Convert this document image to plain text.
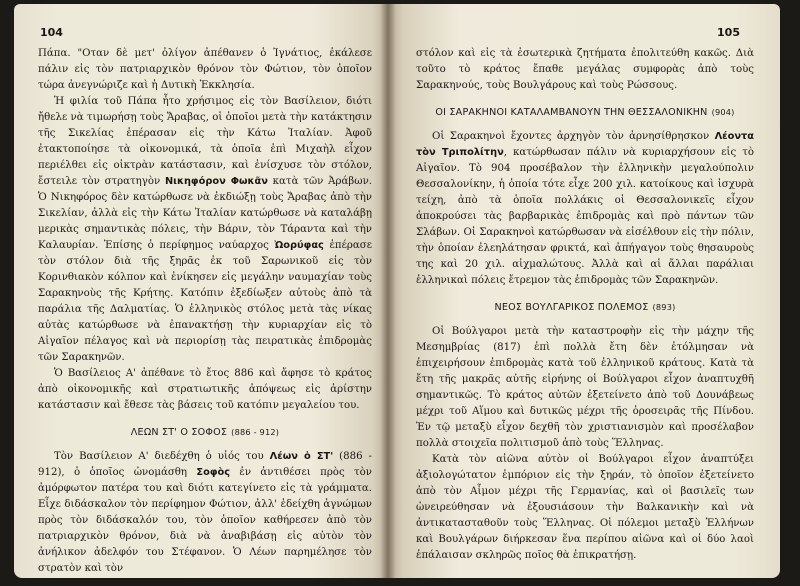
104

Πάπα. "Οταν δὲ μετ' ὀλίγον ἀπέθανεν ὁ Ἰγνάτιος, ἐκάλεσε πάλιν εἰς τὸν πατριαρχικὸν θρόνον τὸν Φώτιον, τὸν ὁποῖον τώρα ἀνεγνώριζε καὶ ἡ Δυτικὴ Ἐκκλησία.

Ἡ φιλία τοῦ Πάπα ἦτο χρήσιμος εἰς τὸν Βασίλειον, διότι ἤθελε νὰ τιμωρήσῃ τοὺς Ἄραβας, οἱ ὁποῖοι μετὰ τὴν κατάκτησιν τῆς Σικελίας ἐπέρασαν εἰς τὴν Κάτω Ἰταλίαν. Ἀφοῦ ἐτακτοποίησε τὰ οἰκονομικά, τὰ ὁποῖα ἐπὶ Μιχαὴλ εἶχον περιέλθει εἰς οἰκτρὰν κατάστασιν, καὶ ἐνίσχυσε τὸν στόλον, ἔστειλε τὸν στρατηγὸν Νικηφόρον Φωκᾶν κατὰ τῶν Ἀράβων. Ὁ Νικηφόρος δὲν κατώρθωσε νὰ ἐκδιώξῃ τοὺς Ἄραβας ἀπὸ τὴν Σικελίαν, ἀλλὰ εἰς τὴν Κάτω Ἰταλίαν κατώρθωσε νὰ καταλάβῃ μερικὰς σημαντικὰς πόλεις, τὴν Βάριν, τὸν Τάραντα καὶ τὴν Καλαυρίαν. Ἐπίσης ὁ περίφημος ναύαρχος Ὠορύφας ἐπέρασε τὸν στόλον διὰ τῆς ξηρᾶς ἐκ τοῦ Σαρωνικοῦ εἰς τὸν Κορινθιακὸν κόλπον καὶ ἐνίκησεν εἰς μεγάλην ναυμαχίαν τοὺς Σαρακηνοὺς τῆς Κρήτης. Κατόπιν ἐξεδίωξεν αὐτοὺς ἀπὸ τὰ παράλια τῆς Δαλματίας. Ὁ ἑλληνικὸς στόλος μετὰ τὰς νίκας αὐτὰς κατώρθωσε νὰ ἐπανακτήσῃ τὴν κυριαρχίαν εἰς τὸ Αἰγαῖον πέλαγος καὶ νὰ περιορίσῃ τὰς πειρατικὰς ἐπιδρομὰς τῶν Σαρακηνῶν.

Ὁ Βασίλειος Α' ἀπέθανε τὸ ἔτος 886 καὶ ἄφησε τὸ κράτος ἀπὸ οἰκονομικῆς καὶ στρατιωτικῆς ἀπόψεως εἰς ἀρίστην κατάστασιν καὶ ἔθεσε τὰς βάσεις τοῦ κατόπιν μεγαλείου του.

ΛΕΩΝ ΣΤ' Ο ΣΟΦΟΣ (886 - 912)

Τὸν Βασίλειον Α' διεδέχθη ὁ υἱός του Λέων ὁ ΣΤ' (886 - 912), ὁ ὁποῖος ὠνομάσθη Σοφὸς ἐν ἀντιθέσει πρὸς τὸν ἀμόρφωτον πατέρα του καὶ διότι κατεγίνετο εἰς τὰ γράμματα. Εἶχε διδάσκαλον τὸν περίφημον Φώτιον, ἀλλ' ἐδείχθη ἀγνώμων πρὸς τὸν διδάσκαλόν του, τὸν ὁποῖον καθήρεσεν ἀπὸ τὸν πατριαρχικὸν θρόνον, διὰ νὰ ἀναβιβάσῃ εἰς αὐτὸν τὸν ἀνήλικον ἀδελφόν του Στέφανον. Ὁ Λέων παρημέλησε τὸν στρατὸν καὶ τὸν

105

στόλον καὶ εἰς τὰ ἐσωτερικὰ ζητήματα ἐπολιτεύθη κακῶς. Διὰ τοῦτο τὸ κράτος ἔπαθε μεγάλας συμφορὰς ἀπὸ τοὺς Σαρακηνούς, τοὺς Βουλγάρους καὶ τοὺς Ρώσσους.

ΟΙ ΣΑΡΑΚΗΝΟΙ ΚΑΤΑΛΑΜΒΑΝΟΥΝ ΤΗΝ ΘΕΣΣΑΛΟΝΙΚΗΝ (904)

Οἱ Σαρακηνοὶ ἔχοντες ἀρχηγὸν τὸν ἀρνησίθρησκον Λέοντα τὸν Τριπολίτην, κατώρθωσαν πάλιν νὰ κυριαρχήσουν εἰς τὸ Αἰγαῖον. Τὸ 904 προσέβαλον τὴν ἑλληνικὴν μεγαλούπολιν Θεσσαλονίκην, ἡ ὁποία τότε εἶχε 200 χιλ. κατοίκους καὶ ἰσχυρὰ τείχη, ἀπὸ τὰ ὁποῖα πολλάκις οἱ Θεσσαλονικεῖς εἶχον ἀποκρούσει τὰς βαρβαρικὰς ἐπιδρομὰς καὶ πρὸ πάντων τῶν Σλάβων. Οἱ Σαρακηνοὶ κατώρθωσαν νὰ εἰσέλθουν εἰς τὴν πόλιν, τὴν ὁποίαν ἐλεηλάτησαν φρικτά, καὶ ἀπήγαγον τοὺς θησαυροὺς της καὶ 20 χιλ. αἰχμαλώτους. Ἀλλὰ καὶ αἱ ἄλλαι παράλιαι ἑλληνικαὶ πόλεις ἔτρεμον τὰς ἐπιδρομὰς τῶν Σαρακηνῶν.

ΝΕΟΣ ΒΟΥΛΓΑΡΙΚΟΣ ΠΟΛΕΜΟΣ (893)

Οἱ Βούλγαροι μετὰ τὴν καταστροφὴν εἰς τὴν μάχην τῆς Μεσημβρίας (817) ἐπὶ πολλὰ ἔτη δὲν ἐτόλμησαν νὰ ἐπιχειρήσουν ἐπιδρομὰς κατὰ τοῦ ἑλληνικοῦ κράτους. Κατὰ τὰ ἔτη τῆς μακρᾶς αὐτῆς εἰρήνης οἱ Βούλγαροι εἶχον ἀναπτυχθῆ σημαντικῶς. Τὸ κράτος αὐτῶν ἐξετείνετο ἀπὸ τοῦ Δουνάβεως μέχρι τοῦ Αἵμου καὶ δυτικῶς μέχρι τῆς ὀροσειρᾶς τῆς Πίνδου. Ἐν τῷ μεταξὺ εἶχον δεχθῆ τὸν χριστιανισμὸν καὶ προσέλαβον πολλὰ στοιχεῖα πολιτισμοῦ ἀπὸ τοὺς Ἕλληνας.

Κατὰ τὸν αἰῶνα αὐτὸν οἱ Βούλγαροι εἶχον ἀναπτύξει ἀξιολογώτατον ἐμπόριον εἰς τὴν ξηράν, τὸ ὁποῖον ἐξετείνετο ἀπὸ τὸν Αἷμον μέχρι τῆς Γερμανίας, καὶ οἱ βασιλεῖς των ὠνειρεύθησαν νὰ ἐξουσιάσουν τὴν Βαλκανικὴν καὶ νὰ ἀντικατασταθοῦν τοὺς Ἕλληνας. Οἱ πόλεμοι μεταξὺ Ἑλλήνων καὶ Βουλγάρων διήρκεσαν ἕνα περίπου αἰῶνα καὶ οἱ δύο λαοὶ ἐπάλαισαν σκληρῶς ποῖος θὰ ἐπικρατήσῃ.
